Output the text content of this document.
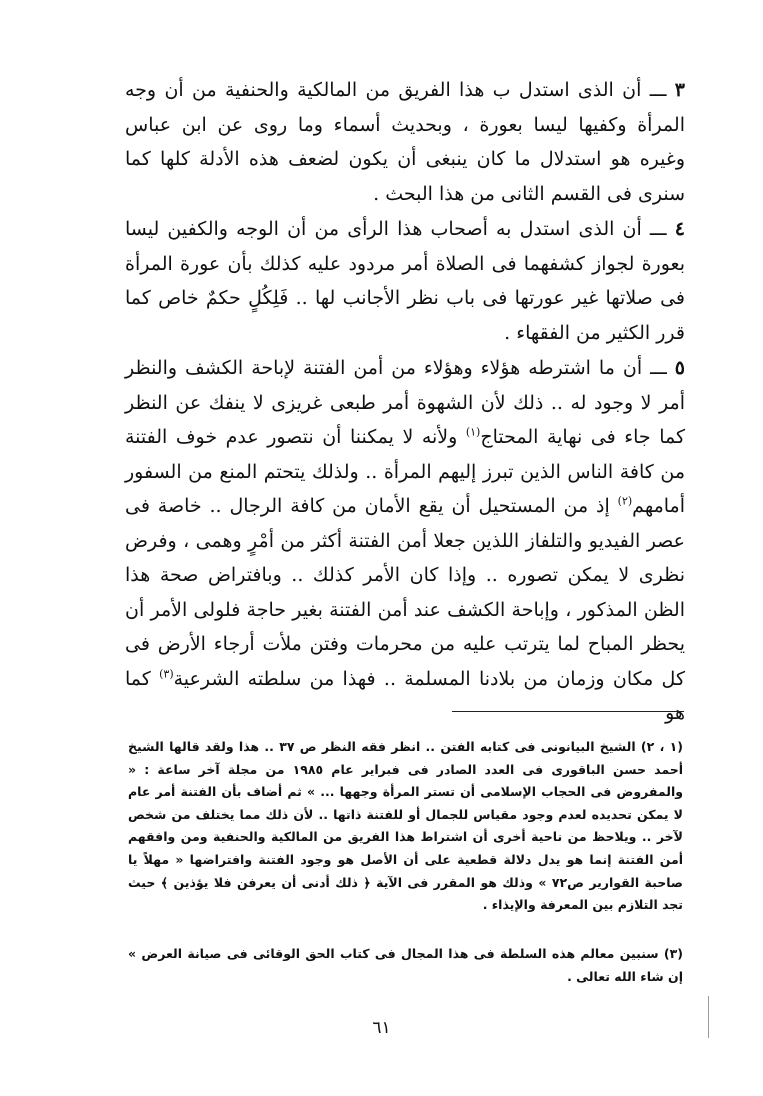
٣ ـــ أن الذى استدل ب هذا الفريق من المالكية والحنفية من أن وجه المرأة وكفيها ليسا بعورة ، وبحديث أسماء وما روى عن ابن عباس وغيره هو استدلال ما كان ينبغى أن يكون لضعف هذه الأدلة كلها كما سنرى فى القسم الثانى من هذا البحث .

٤ ـــ أن الذى استدل به أصحاب هذا الرأى من أن الوجه والكفين ليسا بعورة لجواز كشفهما فى الصلاة أمر مردود عليه كذلك بأن عورة المرأة فى صلاتها غير عورتها فى باب نظر الأجانب لها .. فَلِكُلٍ حكمٌ خاص كما قرر الكثير من الفقهاء .

٥ ـــ أن ما اشترطه هؤلاء وهؤلاء من أمن الفتنة لإباحة الكشف والنظر أمر لا وجود له .. ذلك لأن الشهوة أمر طبعى غريزى لا ينفك عن النظر كما جاء فى نهاية المحتاج$^{(١)}$ ولأنه لا يمكننا أن نتصور عدم خوف الفتنة من كافة الناس الذين تبرز إليهم المرأة .. ولذلك يتحتم المنع من السفور أمامهم$^{(٢)}$ إذ من المستحيل أن يقع الأمان من كافة الرجال .. خاصة فى عصر الفيديو والتلفاز اللذين جعلا أمن الفتنة أكثر من أمْرٍ وهمى ، وفرض نظرى لا يمكن تصوره .. وإذا كان الأمر كذلك .. وبافتراض صحة هذا الظن المذكور ، وإباحة الكشف عند أمن الفتنة بغير حاجة فلولى الأمر أن يحظر المباح لما يترتب عليه من محرمات وفتن ملأت أرجاء الأرض فى كل مكان وزمان من بلادنا المسلمة .. فهذا من سلطته الشرعية$^{(٣)}$ كما هو

(١ ، ٢) الشيخ البيانونى فى كتابه الفتن .. انظر فقه النظر ص ٣٧ .. هذا ولقد قالها الشيخ أحمد حسن الباقورى فى العدد الصادر فى فبراير عام ١٩٨٥ من مجلة آخر ساعة : « والمفروض فى الحجاب الإسلامى أن تستر المرأة وجهها ... » ثم أضاف بأن الفتنة أمر عام لا يمكن تحديده لعدم وجود مقياس للجمال أو للفتنة ذاتها .. لأن ذلك مما يختلف من شخص لآخر .. ويلاحظ من ناحية أخرى أن اشتراط هذا الفريق من المالكية والحنفية ومن وافقهم أمن الفتنة إنما هو يدل دلالة قطعية على أن الأصل هو وجود الفتنة وافتراضها « مهلاً يا صاحبة القوارير ص٧٢ » وذلك هو المقرر فى الآية ﴿ ذلك أدنى أن يعرفن فلا يؤذين ﴾ حيث تجد التلازم بين المعرفة والإيذاء .

(٣) سنبين معالم هذه السلطة فى هذا المجال فى كتاب الحق الوقائى فى صيانة العرض » إن شاء الله تعالى .

٦١
